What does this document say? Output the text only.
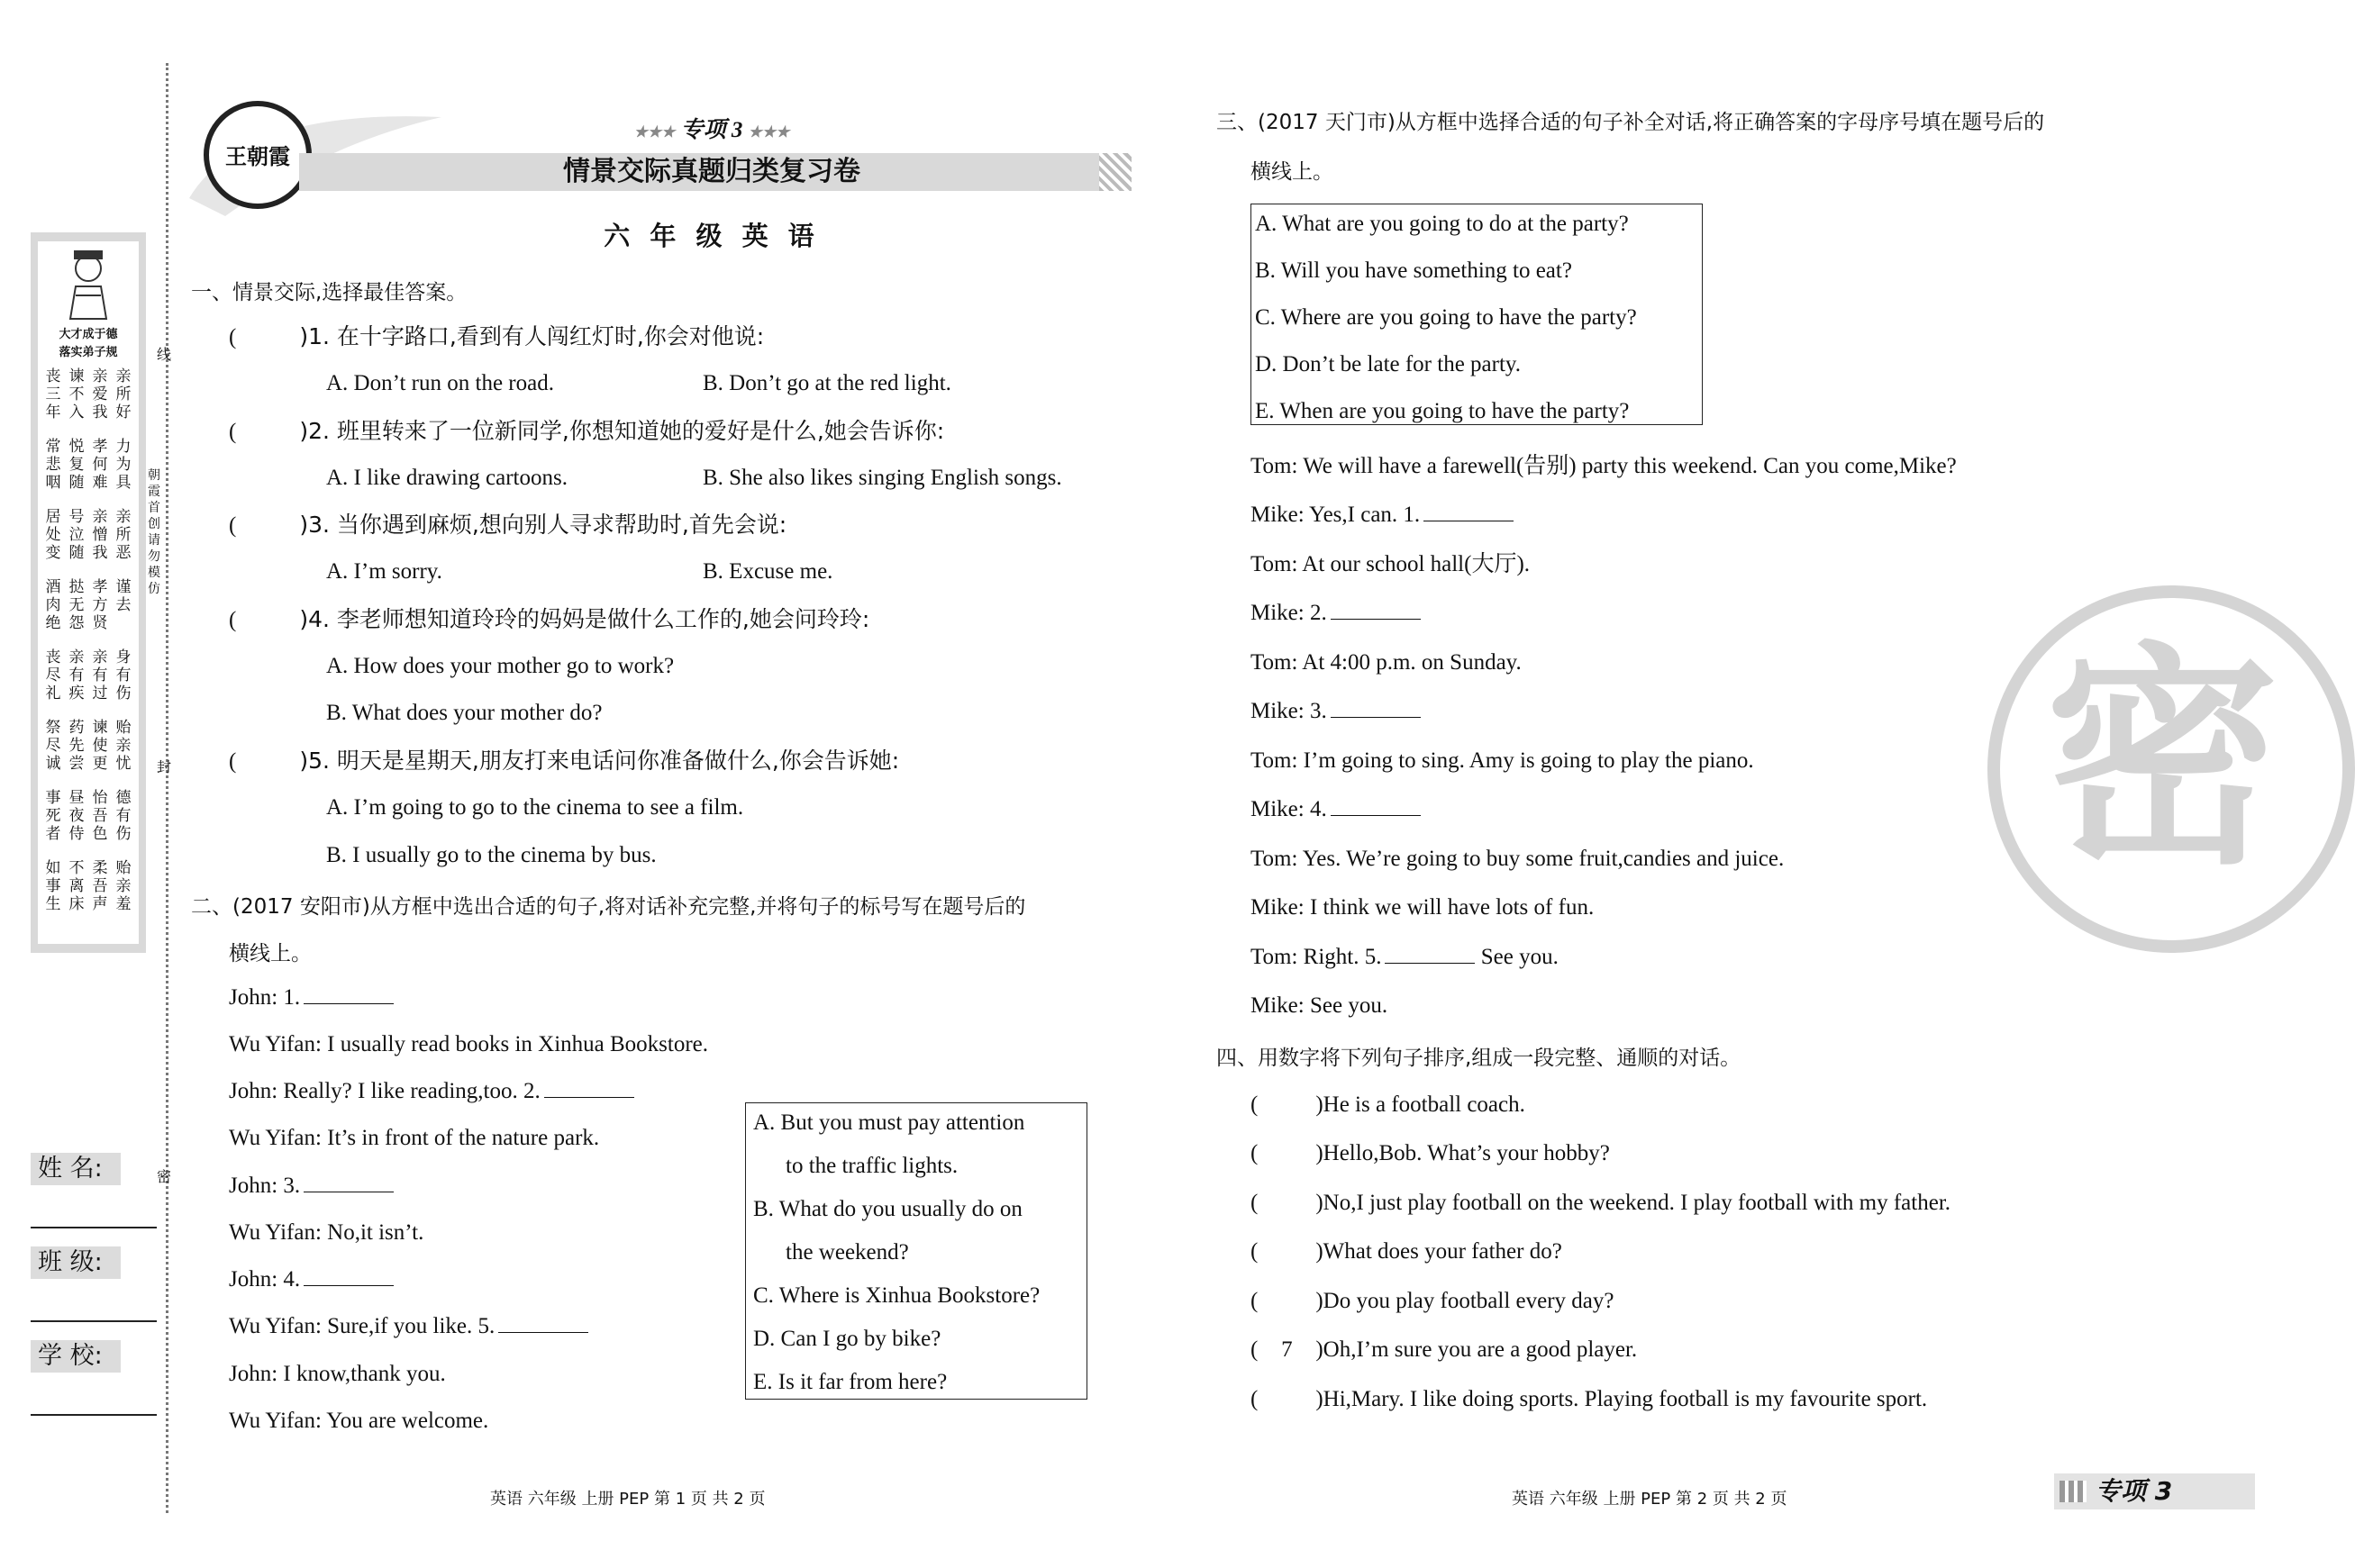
线
朝霞首创 请勿模仿
封
密
大才成于德
落实弟子规
丧三年
谏不入
亲爱我
亲所好
常悲咽
悦复随
孝何难
力为具
居处变
号泣随
亲憎我
亲所恶
酒肉绝
挞无怨
孝方贤
谨去
丧尽礼
亲有疾
亲有过
身有伤
祭尽诚
药先尝
谏使更
贻亲忧
事死者
昼夜侍
怡吾色
德有伤
如事生
不离床
柔吾声
贻亲羞
姓 名:
班 级:
学 校:
王朝霞
★★★ 专项 3 ★★★
情景交际真题归类复习卷
六 年 级 英 语
一、情景交际,选择最佳答案。
(	)1. 在十字路口,看到有人闯红灯时,你会对他说:
A. Don’t run on the road.	B. Don’t go at the red light.
(	)2. 班里转来了一位新同学,你想知道她的爱好是什么,她会告诉你:
A. I like drawing cartoons.	B. She also likes singing English songs.
(	)3. 当你遇到麻烦,想向别人寻求帮助时,首先会说:
A. I’m sorry.	B. Excuse me.
(	)4. 李老师想知道玲玲的妈妈是做什么工作的,她会问玲玲:
A. How does your mother go to work?
B. What does your mother do?
(	)5. 明天是星期天,朋友打来电话问你准备做什么,你会告诉她:
A. I’m going to go to the cinema to see a film.
B. I usually go to the cinema by bus.
二、(2017 安阳市)从方框中选出合适的句子,将对话补充完整,并将句子的标号写在题号后的
横线上。
John: 1.
Wu Yifan: I usually read books in Xinhua Bookstore.
John: Really? I like reading,too. 2.
Wu Yifan: It’s in front of the nature park.
John: 3.
Wu Yifan: No,it isn’t.
John: 4.
Wu Yifan: Sure,if you like. 5.
John: I know,thank you.
Wu Yifan: You are welcome.
A. But you must pay attention
to the traffic lights.
B. What do you usually do on
the weekend?
C. Where is Xinhua Bookstore?
D. Can I go by bike?
E. Is it far from here?
三、(2017 天门市)从方框中选择合适的句子补全对话,将正确答案的字母序号填在题号后的
横线上。
A. What are you going to do at the party?
B. Will you have something to eat?
C. Where are you going to have the party?
D. Don’t be late for the party.
E. When are you going to have the party?
Tom: We will have a farewell(告别) party this weekend. Can you come,Mike?
Mike: Yes,I can. 1.
Tom: At our school hall(大厅).
Mike: 2.
Tom: At 4:00 p.m. on Sunday.
Mike: 3.
Tom: I’m going to sing. Amy is going to play the piano.
Mike: 4.
Tom: Yes. We’re going to buy some fruit,candies and juice.
Mike: I think we will have lots of fun.
Tom: Right. 5.	See you.
Mike: See you.
密
四、用数字将下列句子排序,组成一段完整、通顺的对话。
(	)He is a football coach.
(	)Hello,Bob. What’s your hobby?
(	)No,I just play football on the weekend. I play football with my father.
(	)What does your father do?
(	)Do you play football every day?
( 7 )Oh,I’m sure you are a good player.
(	)Hi,Mary. I like doing sports. Playing football is my favourite sport.
英语 六年级 上册 PEP 第 1 页 共 2 页	英语 六年级 上册 PEP 第 2 页 共 2 页	专项 3
